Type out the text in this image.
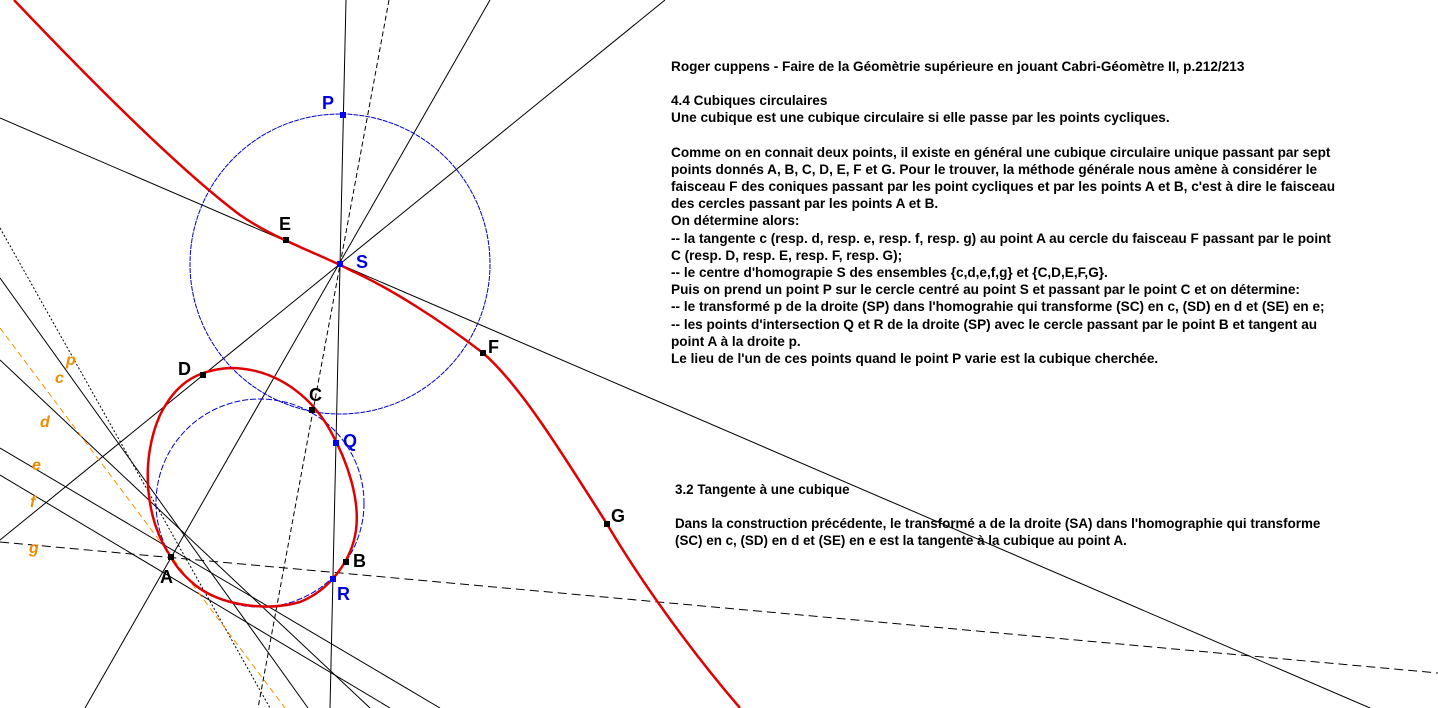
A
B
C
D
E
F
G
S
P
Q
R
p
c
d
e
f
g
Roger cuppens - Faire de la Géomètrie supérieure en jouant Cabri-Géomètre II, p.212/213
4.4 Cubiques circulaires
Une cubique est une cubique circulaire si elle passe par les points cycliques.
Comme on en connait deux points, il existe en général une cubique circulaire unique passant par sept
points donnés A, B, C, D, E, F et G. Pour le trouver, la méthode générale nous amène à considérer le
faisceau F des coniques passant par les point cycliques et par les points A et B, c'est à dire le faisceau
des cercles passant par les points A et B.
On détermine alors:
-- la tangente c (resp. d, resp. e, resp. f, resp. g) au point A au cercle du faisceau F passant par le point
C (resp. D, resp. E, resp. F, resp. G);
-- le centre d'homograpie S des ensembles {c,d,e,f,g} et {C,D,E,F,G}.
Puis on prend un point P sur le cercle centré au point S et passant par le point C et on détermine:
-- le transformé p de la droite (SP) dans l'homograhie qui transforme (SC) en c, (SD) en d et (SE) en e;
-- les points d'intersection Q et R de la droite (SP) avec le cercle passant par le point B et tangent au
point A à la droite p.
Le lieu de l'un de ces points quand le point P varie est la cubique cherchée.
3.2 Tangente à une cubique
Dans la construction précédente, le transformé a de la droite (SA) dans l'homographie qui transforme
(SC) en c, (SD) en d et (SE) en e est la tangente à la cubique au point A.
